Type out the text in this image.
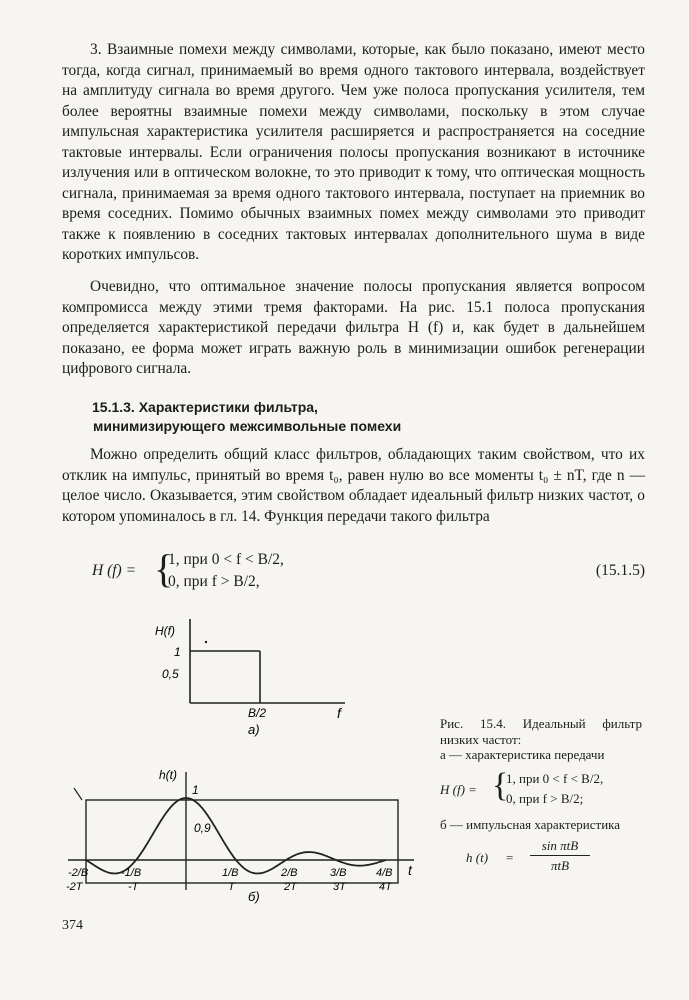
3. Взаимные помехи между символами, которые, как было показано, имеют место тогда, когда сигнал, принимаемый во время одного тактового интервала, воздействует на амплитуду сигнала во время другого. Чем уже полоса пропускания усилителя, тем более вероятны взаимные помехи между символами, поскольку в этом случае импульсная характеристика усилителя расширяется и распространяется на соседние тактовые интервалы. Если ограничения полосы пропускания возникают в источнике излучения или в оптическом волокне, то это приводит к тому, что оптическая мощность сигнала, принимаемая за время одного тактового интервала, поступает на приемник во время соседних. Помимо обычных взаимных помех между символами это приводит также к появлению в соседних тактовых интервалах дополнительного шума в виде коротких импульсов.

Очевидно, что оптимальное значение полосы пропускания является вопросом компромисса между этими тремя факторами. На рис. 15.1 полоса пропускания определяется характеристикой передачи фильтра H (f) и, как будет в дальнейшем показано, ее форма может играть важную роль в минимизации ошибок регенерации цифрового сигнала.

15.1.3. Характеристики фильтра,
минимизирующего межсимвольные помехи

Можно определить общий класс фильтров, обладающих таким свойством, что их отклик на импульс, принятый во время t₀, равен нулю во все моменты t₀ ± nT, где n — целое число. Оказывается, этим свойством обладает идеальный фильтр низких частот, о котором упоминалось в гл. 14. Функция передачи такого фильтра

H (f) = {
1, при 0 < f < B/2,
0, при f > B/2,
(15.1.5)
H(f)
1
0,5
B/2	f
а)
h(t)
1
0,9
-2/B	-1/B	1/B	2/B	3/B	4/B
-2T	-T	T	2T	3T	4T
t
б)

Рис. 15.4. Идеальный фильтр низких частот:

а — характеристика передачи

H (f) = {
1, при 0 < f < B/2,
0, при f > B/2;

б — импульсная характеристика

h (t) =
sin πtB
πtB
374
